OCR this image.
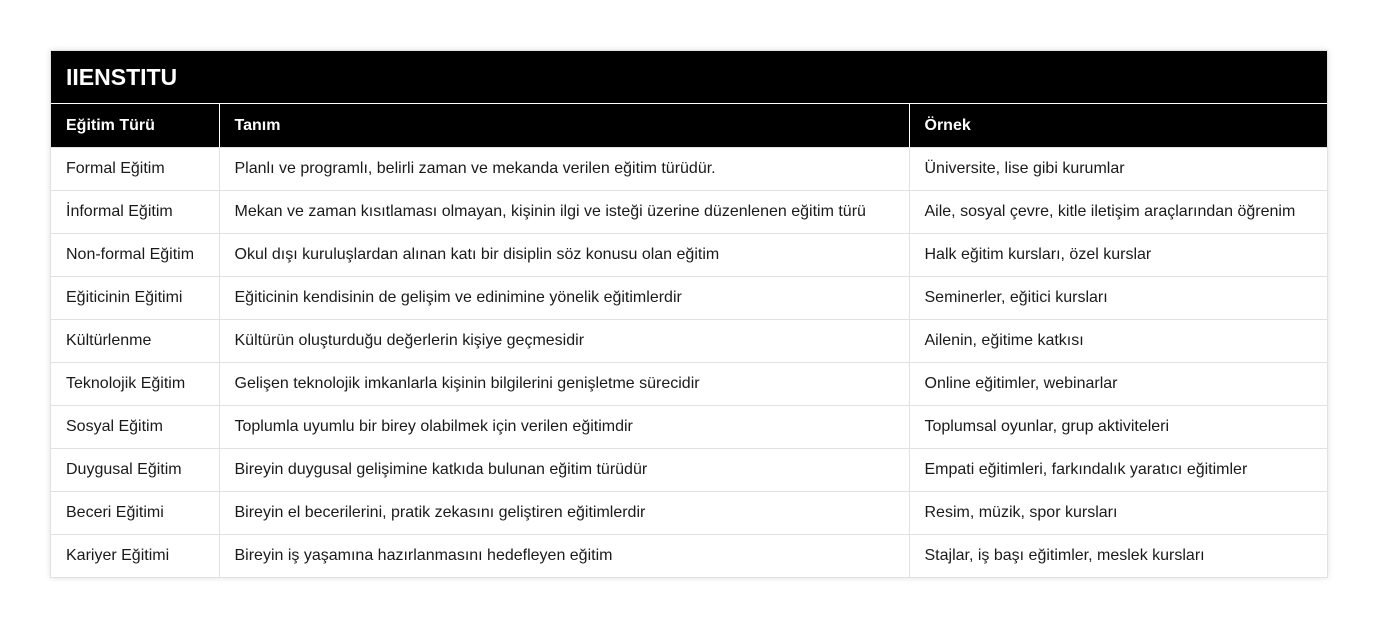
IIENSTITU
Eğitim Türü	Tanım	Örnek
Formal Eğitim	Planlı ve programlı, belirli zaman ve mekanda verilen eğitim türüdür.	Üniversite, lise gibi kurumlar
İnformal Eğitim	Mekan ve zaman kısıtlaması olmayan, kişinin ilgi ve isteği üzerine düzenlenen eğitim türü	Aile, sosyal çevre, kitle iletişim araçlarından öğrenim
Non-formal Eğitim	Okul dışı kuruluşlardan alınan katı bir disiplin söz konusu olan eğitim	Halk eğitim kursları, özel kurslar
Eğiticinin Eğitimi	Eğiticinin kendisinin de gelişim ve edinimine yönelik eğitimlerdir	Seminerler, eğitici kursları
Kültürlenme	Kültürün oluşturduğu değerlerin kişiye geçmesidir	Ailenin, eğitime katkısı
Teknolojik Eğitim	Gelişen teknolojik imkanlarla kişinin bilgilerini genişletme sürecidir	Online eğitimler, webinarlar
Sosyal Eğitim	Toplumla uyumlu bir birey olabilmek için verilen eğitimdir	Toplumsal oyunlar, grup aktiviteleri
Duygusal Eğitim	Bireyin duygusal gelişimine katkıda bulunan eğitim türüdür	Empati eğitimleri, farkındalık yaratıcı eğitimler
Beceri Eğitimi	Bireyin el becerilerini, pratik zekasını geliştiren eğitimlerdir	Resim, müzik, spor kursları
Kariyer Eğitimi	Bireyin iş yaşamına hazırlanmasını hedefleyen eğitim	Stajlar, iş başı eğitimler, meslek kursları
